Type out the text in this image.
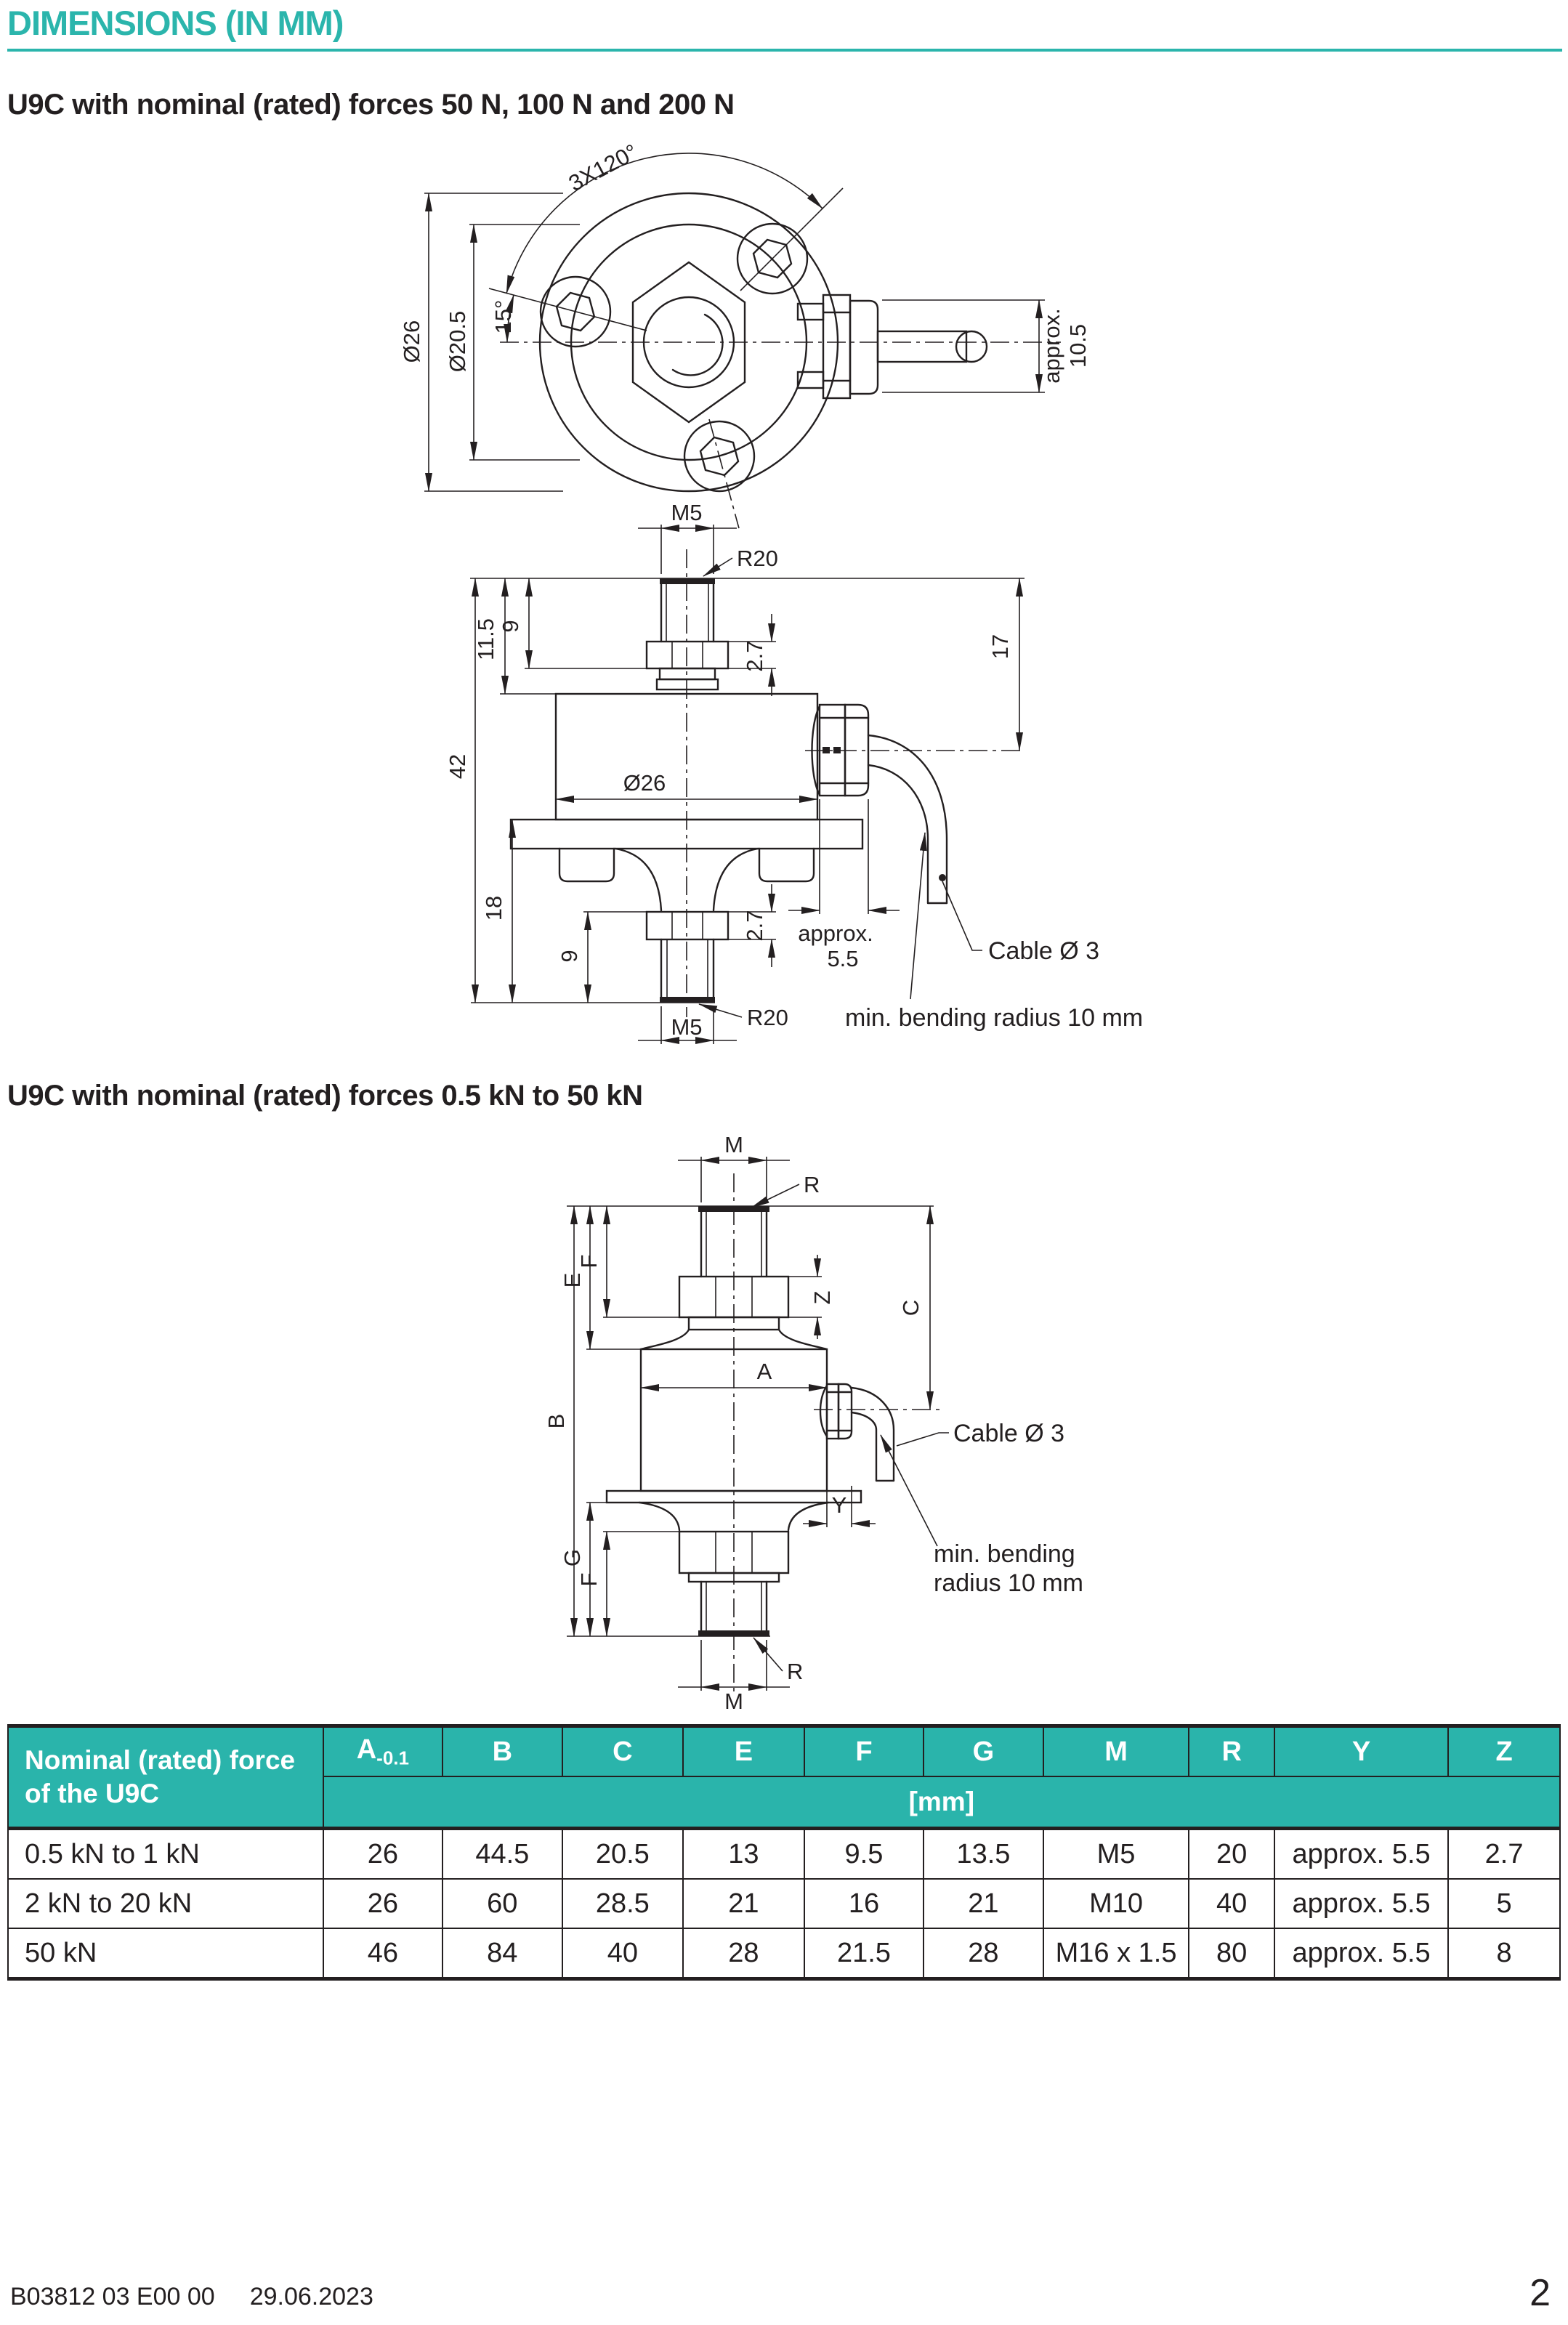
DIMENSIONS (IN MM)
U9C with nominal (rated) forces 50 N, 100 N and 200 N
3X120°
Ø26 Ø20.5 15°	approx. 10.5
M5
R20
42
11.5 9
18
9
2.7
2.7
17
Ø26
approx.
5.5
M5 R20
Cable Ø 3
min. bending radius 10 mm
U9C with nominal (rated) forces 0.5 kN to 50 kN
M
R
A
B
E
F
G
F
Z
C
Y
M
R
Cable Ø 3
min. bending
radius 10 mm
Nominal (rated) force
of the U9C	$A_{-0.1}$	B	C	E	F	G	M	R	Y	Z
	[mm]									
0.5 kN to 1 kN	26	44.5	20.5	13	9.5	13.5	M5	20	approx. 5.5	2.7
2 kN to 20 kN	26	60	28.5	21	16	21	M10	40	approx. 5.5	5
50 kN	46	84	40	28	21.5	28	M16 x 1.5	80	approx. 5.5	8
B03812 03 E00 00 29.06.2023	2
